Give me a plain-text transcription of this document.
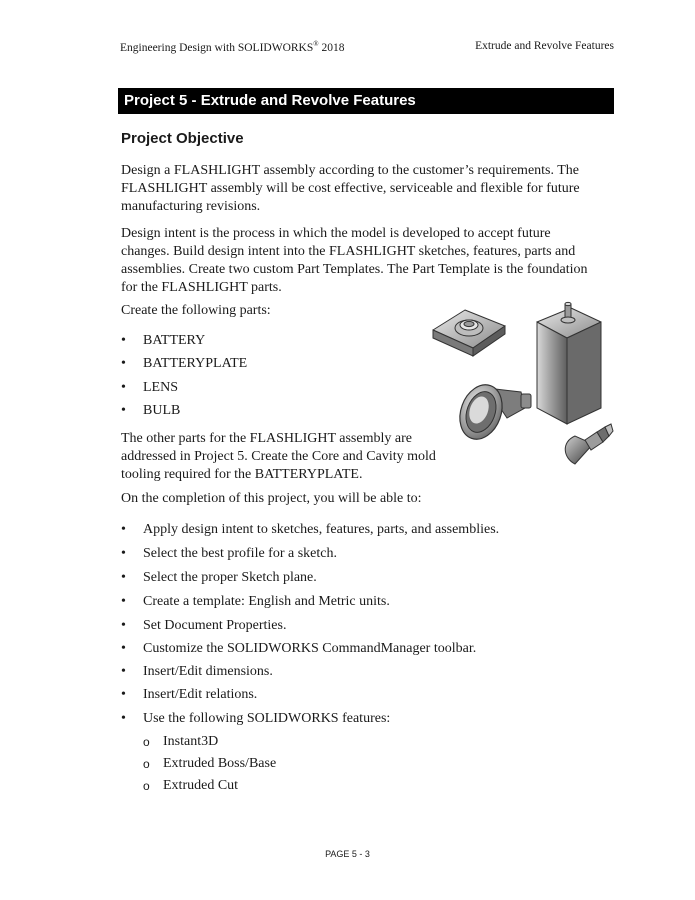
Engineering Design with SOLIDWORKS® 2018	Extrude and Revolve Features
Project 5 - Extrude and Revolve Features
Project Objective

Design a FLASHLIGHT assembly according to the customer’s requirements. The FLASHLIGHT assembly will be cost effective, serviceable and flexible for future manufacturing revisions.

Design intent is the process in which the model is developed to accept future changes. Build design intent into the FLASHLIGHT sketches, features, parts and assemblies. Create two custom Part Templates. The Part Template is the foundation for the FLASHLIGHT parts.

Create the following parts:

• BATTERY
• BATTERYPLATE
• LENS
• BULB

The other parts for the FLASHLIGHT assembly are addressed in Project 5. Create the Core and Cavity mold tooling required for the BATTERYPLATE.

On the completion of this project, you will be able to:

• Apply design intent to sketches, features, parts, and assemblies.
• Select the best profile for a sketch.
• Select the proper Sketch plane.
• Create a template: English and Metric units.
• Set Document Properties.
• Customize the SOLIDWORKS CommandManager toolbar.
• Insert/Edit dimensions.
• Insert/Edit relations.
• Use the following SOLIDWORKS features:
o Instant3D
o Extruded Boss/Base
o Extruded Cut
PAGE 5 - 3
